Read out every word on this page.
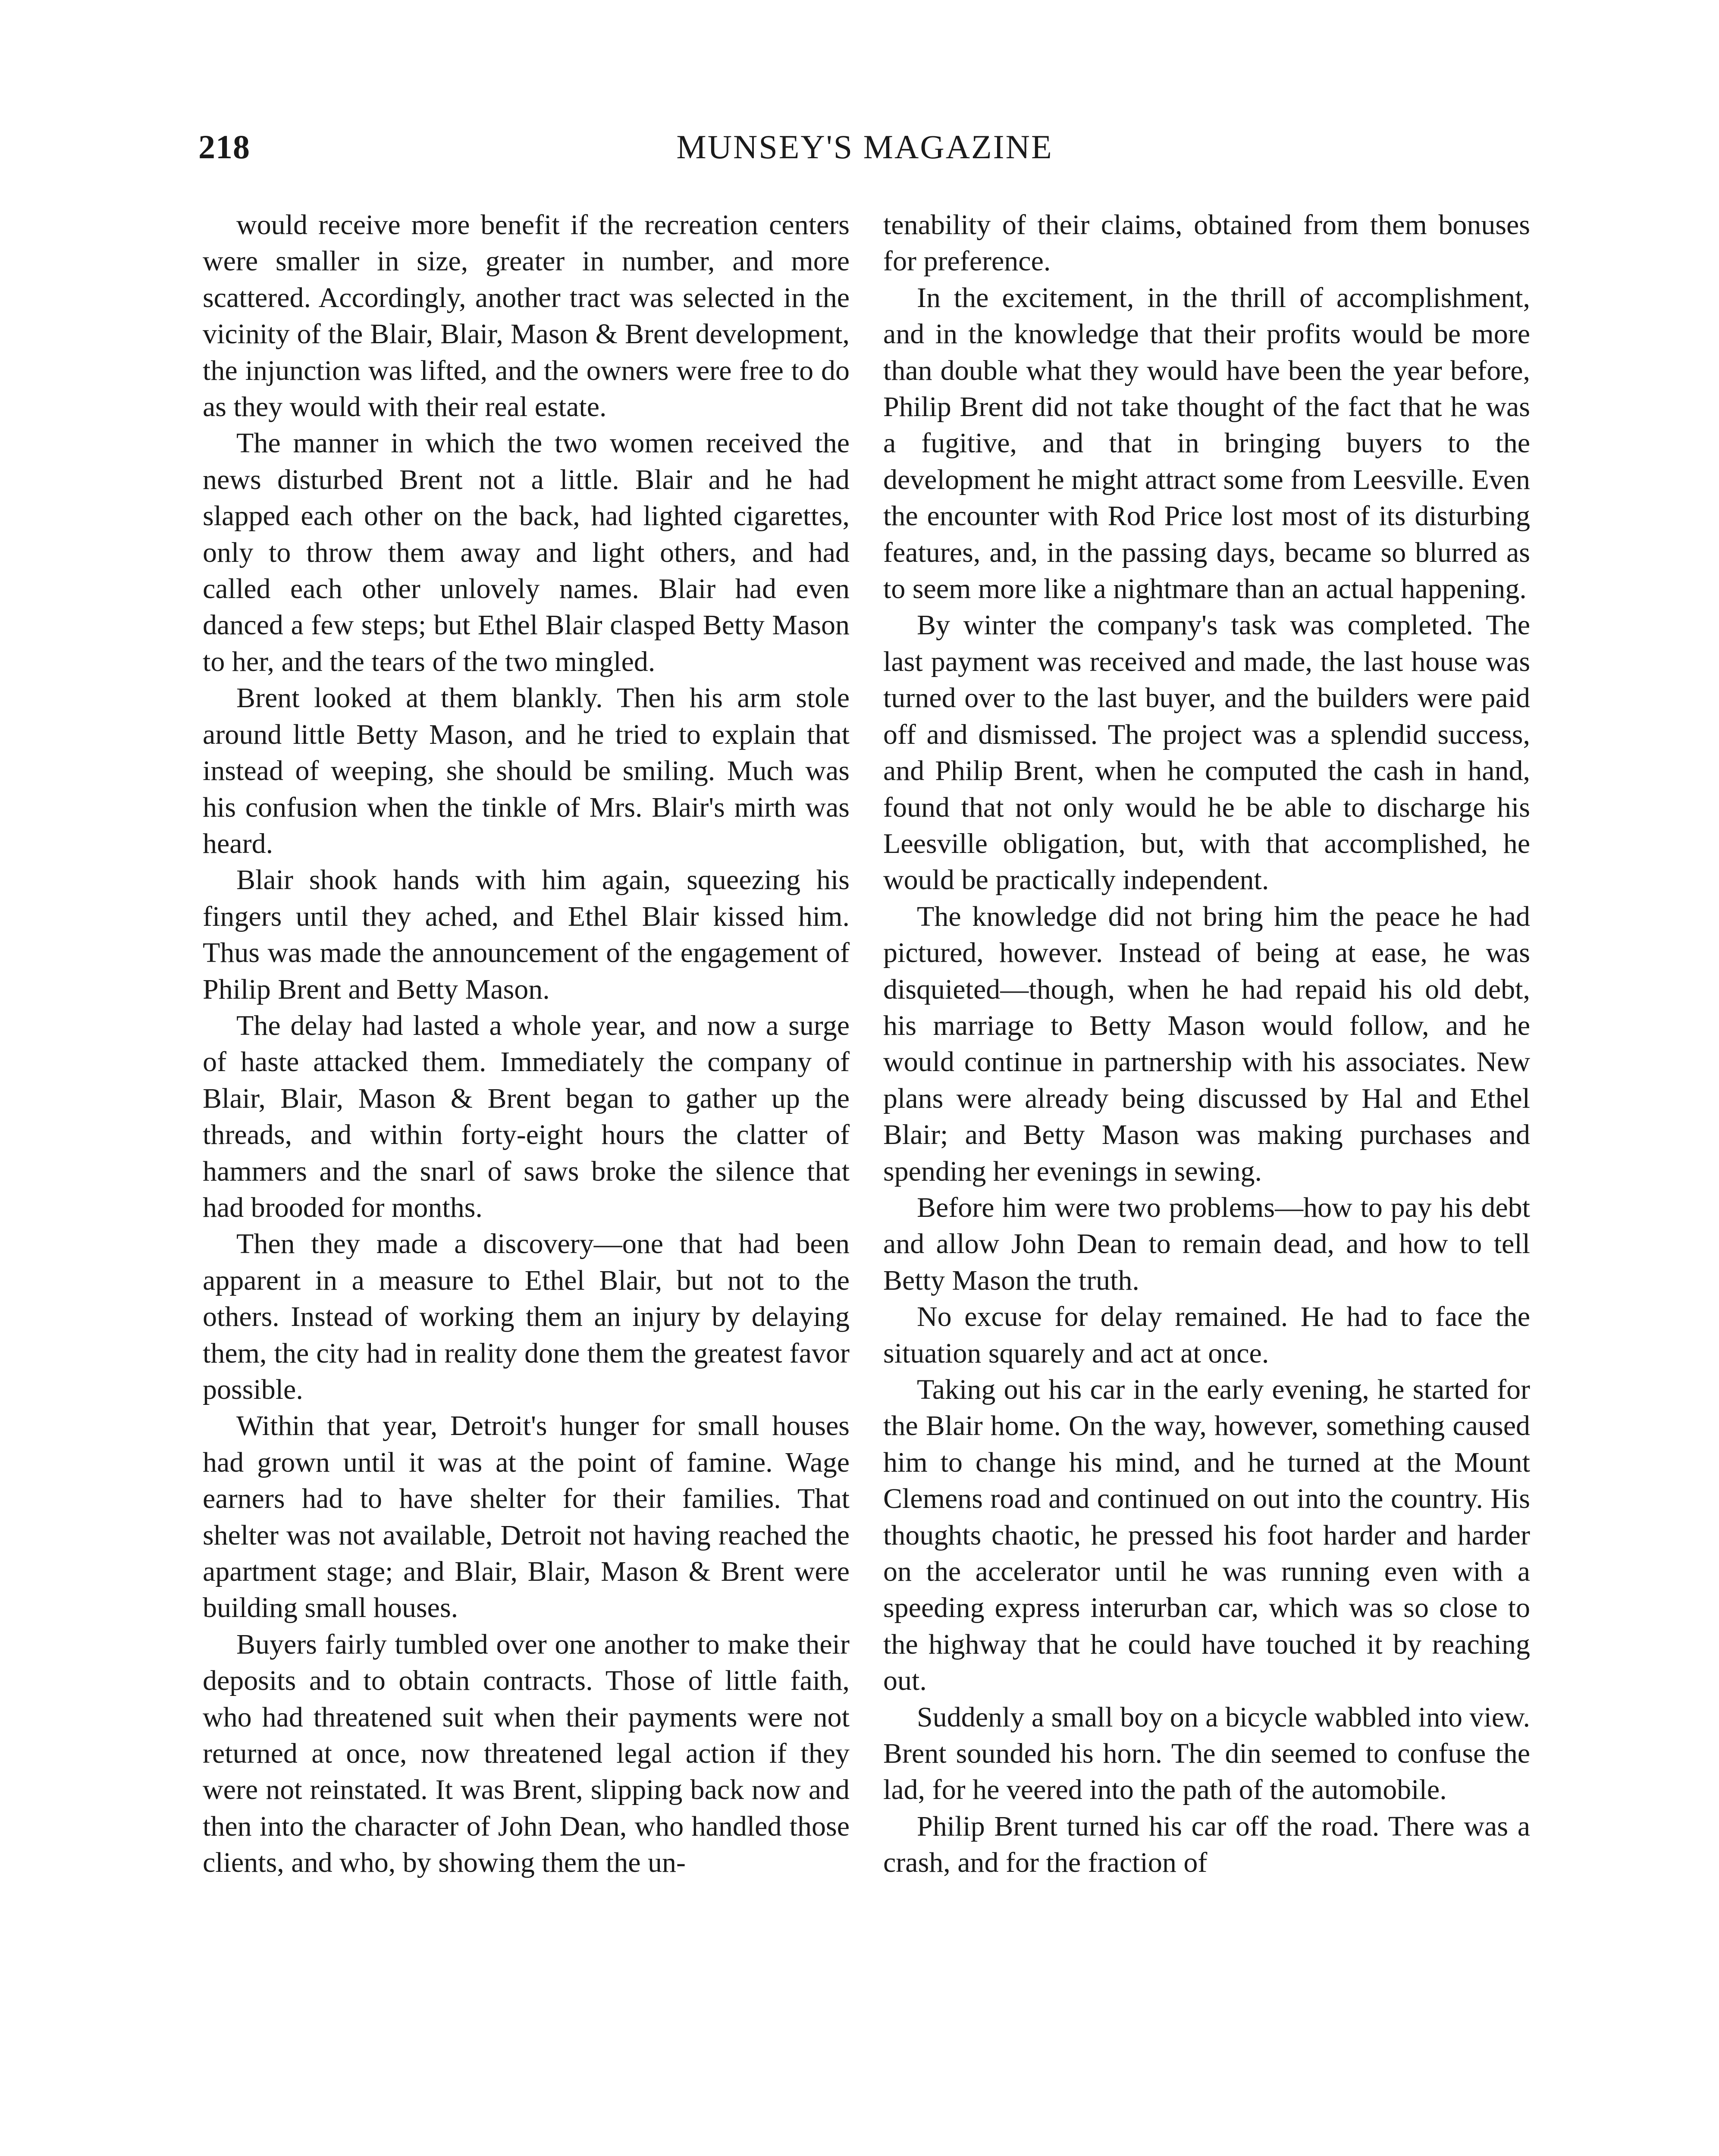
218	MUNSEY'S MAGAZINE

would receive more benefit if the recreation centers were smaller in size, greater in number, and more scattered. Accordingly, another tract was selected in the vicinity of the Blair, Blair, Mason & Brent development, the injunction was lifted, and the owners were free to do as they would with their real estate.

The manner in which the two women received the news disturbed Brent not a little. Blair and he had slapped each other on the back, had lighted cigarettes, only to throw them away and light others, and had called each other unlovely names. Blair had even danced a few steps; but Ethel Blair clasped Betty Mason to her, and the tears of the two mingled.

Brent looked at them blankly. Then his arm stole around little Betty Mason, and he tried to explain that instead of weeping, she should be smiling. Much was his confusion when the tinkle of Mrs. Blair's mirth was heard.

Blair shook hands with him again, squeezing his fingers until they ached, and Ethel Blair kissed him. Thus was made the announcement of the engagement of Philip Brent and Betty Mason.

The delay had lasted a whole year, and now a surge of haste attacked them. Immediately the company of Blair, Blair, Mason & Brent began to gather up the threads, and within forty-eight hours the clatter of hammers and the snarl of saws broke the silence that had brooded for months.

Then they made a discovery—one that had been apparent in a measure to Ethel Blair, but not to the others. Instead of working them an injury by delaying them, the city had in reality done them the greatest favor possible.

Within that year, Detroit's hunger for small houses had grown until it was at the point of famine. Wage earners had to have shelter for their families. That shelter was not available, Detroit not having reached the apartment stage; and Blair, Blair, Mason & Brent were building small houses.

Buyers fairly tumbled over one another to make their deposits and to obtain contracts. Those of little faith, who had threatened suit when their payments were not returned at once, now threatened legal action if they were not reinstated. It was Brent, slipping back now and then into the character of John Dean, who handled those clients, and who, by showing them the un-

tenability of their claims, obtained from them bonuses for preference.

In the excitement, in the thrill of accomplishment, and in the knowledge that their profits would be more than double what they would have been the year before, Philip Brent did not take thought of the fact that he was a fugitive, and that in bringing buyers to the development he might attract some from Leesville. Even the encounter with Rod Price lost most of its disturbing features, and, in the passing days, became so blurred as to seem more like a nightmare than an actual happening.

By winter the company's task was completed. The last payment was received and made, the last house was turned over to the last buyer, and the builders were paid off and dismissed. The project was a splendid success, and Philip Brent, when he computed the cash in hand, found that not only would he be able to discharge his Leesville obligation, but, with that accomplished, he would be practically independent.

The knowledge did not bring him the peace he had pictured, however. Instead of being at ease, he was disquieted—though, when he had repaid his old debt, his marriage to Betty Mason would follow, and he would continue in partnership with his associates. New plans were already being discussed by Hal and Ethel Blair; and Betty Mason was making purchases and spending her evenings in sewing.

Before him were two problems—how to pay his debt and allow John Dean to remain dead, and how to tell Betty Mason the truth.

No excuse for delay remained. He had to face the situation squarely and act at once.

Taking out his car in the early evening, he started for the Blair home. On the way, however, something caused him to change his mind, and he turned at the Mount Clemens road and continued on out into the country. His thoughts chaotic, he pressed his foot harder and harder on the accelerator until he was running even with a speeding express interurban car, which was so close to the highway that he could have touched it by reaching out.

Suddenly a small boy on a bicycle wabbled into view. Brent sounded his horn. The din seemed to confuse the lad, for he veered into the path of the automobile.

Philip Brent turned his car off the road. There was a crash, and for the fraction of
